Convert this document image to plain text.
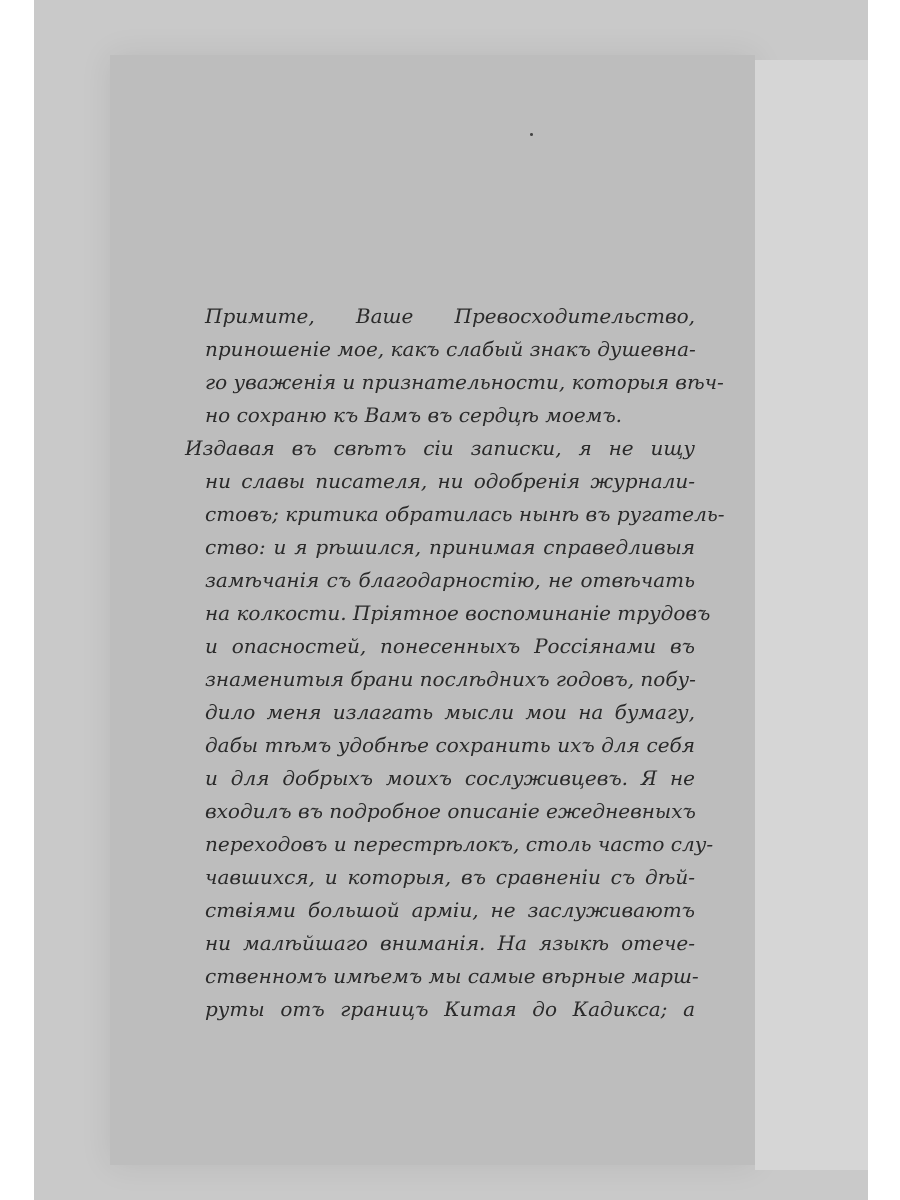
Примите, Ваше Превосходительство,
приношеніе мое, какъ слабый знакъ душевна-
го уваженія и признательности, которыя вѣч-
но сохраню къ Вамъ въ сердцѣ моемъ.
Издавая въ свѣтъ сіи записки, я не ищу
ни славы писателя, ни одобренія журнали-
стовъ; критика обратилась нынѣ въ ругатель-
ство: и я рѣшился, принимая справедливыя
замѣчанія съ благодарностію, не отвѣчать
на колкости. Пріятное воспоминаніе трудовъ
и опасностей, понесенныхъ Россіянами въ
знаменитыя брани послѣднихъ годовъ, побу-
дило меня излагать мысли мои на бумагу,
дабы тѣмъ удобнѣе сохранить ихъ для себя
и для добрыхъ моихъ сослуживцевъ. Я не
входилъ въ подробное описаніе ежедневныхъ
переходовъ и перестрѣлокъ, столь часто слу-
чавшихся, и которыя, въ сравненіи съ дѣй-
ствіями большой арміи, не заслуживаютъ
ни малѣйшаго вниманія. На языкѣ отече-
ственномъ имѣемъ мы самые вѣрные марш-
руты отъ границъ Китая до Кадикса; а
